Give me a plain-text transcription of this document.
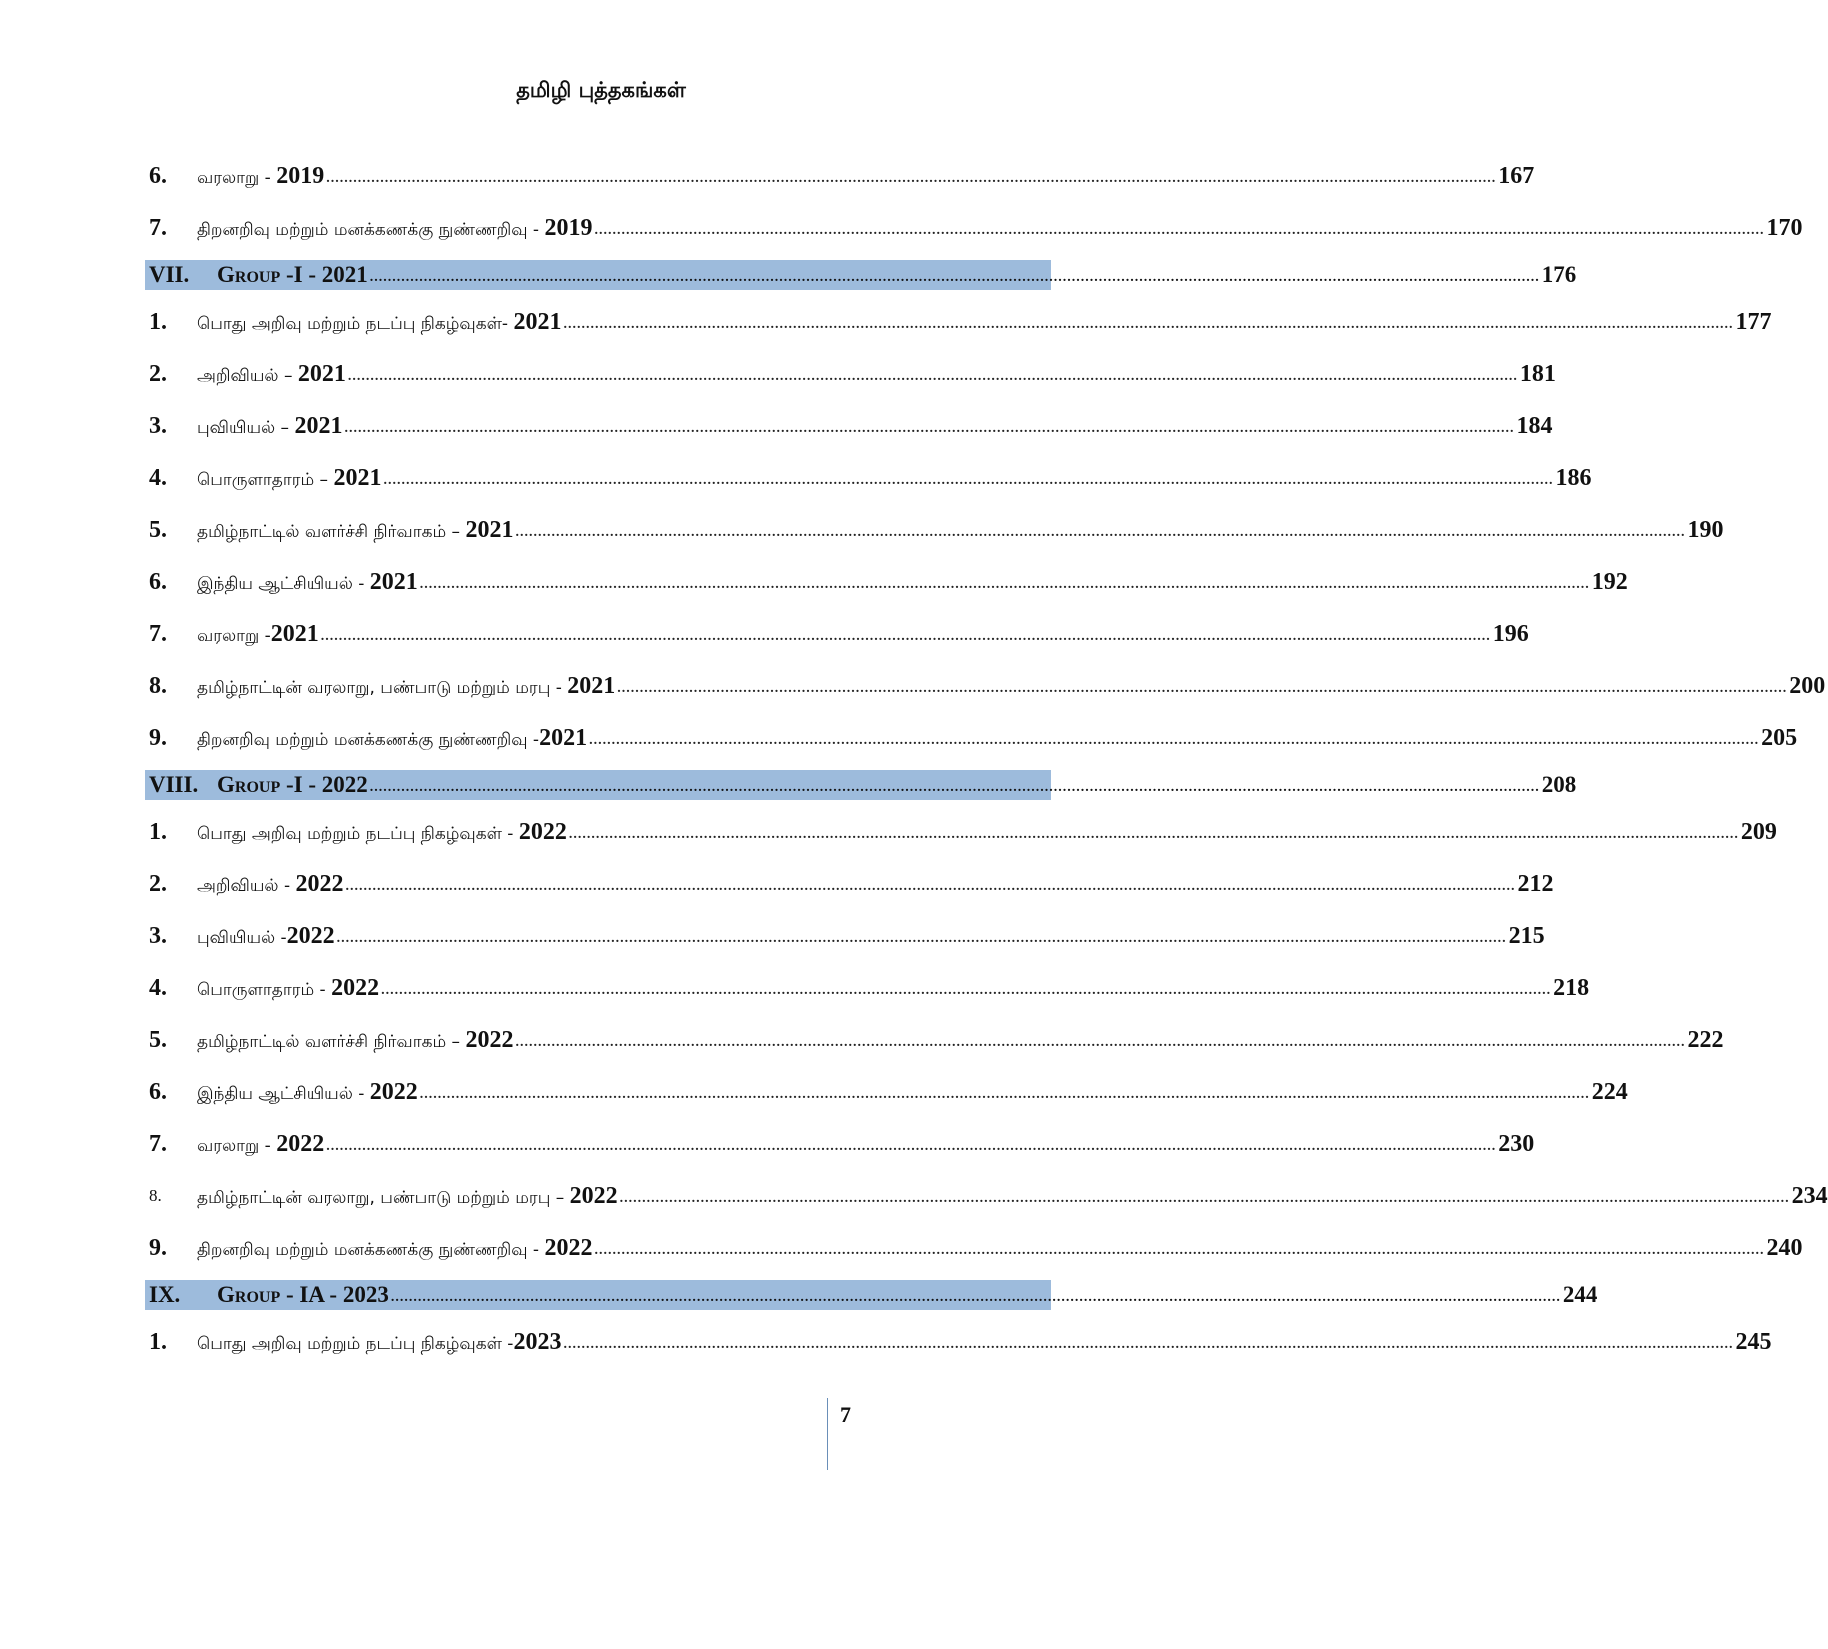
தமிழி புத்தகங்கள்
6.	வரலாறு - 2019 .................................................................................................................................................................................................................................................................... 167
7.	திறனறிவு மற்றும் மனக்கணக்கு நுண்ணறிவு - 2019 .................................................................................................................................................................................................................................................................... 170
VII.	Group -I - 2021 .................................................................................................................................................................................................................................................................... 176
1.	பொது அறிவு மற்றும் நடப்பு நிகழ்வுகள்- 2021 .................................................................................................................................................................................................................................................................... 177
2.	அறிவியல் – 2021 .................................................................................................................................................................................................................................................................... 181
3.	புவியியல் – 2021 .................................................................................................................................................................................................................................................................... 184
4.	பொருளாதாரம் – 2021 .................................................................................................................................................................................................................................................................... 186
5.	தமிழ்நாட்டில் வளர்ச்சி நிர்வாகம் – 2021 .................................................................................................................................................................................................................................................................... 190
6.	இந்திய ஆட்சியியல் - 2021 .................................................................................................................................................................................................................................................................... 192
7.	வரலாறு -2021 .................................................................................................................................................................................................................................................................... 196
8.	தமிழ்நாட்டின் வரலாறு, பண்பாடு மற்றும் மரபு - 2021 .................................................................................................................................................................................................................................................................... 200
9.	திறனறிவு மற்றும் மனக்கணக்கு நுண்ணறிவு -2021 .................................................................................................................................................................................................................................................................... 205
VIII. Group -I - 2022 .................................................................................................................................................................................................................................................................... 208
1.	பொது அறிவு மற்றும் நடப்பு நிகழ்வுகள் - 2022 .................................................................................................................................................................................................................................................................... 209
2.	அறிவியல் - 2022 .................................................................................................................................................................................................................................................................... 212
3.	புவியியல் -2022 .................................................................................................................................................................................................................................................................... 215
4.	பொருளாதாரம் - 2022 .................................................................................................................................................................................................................................................................... 218
5.	தமிழ்நாட்டில் வளர்ச்சி நிர்வாகம் – 2022 .................................................................................................................................................................................................................................................................... 222
6.	இந்திய ஆட்சியியல் - 2022 .................................................................................................................................................................................................................................................................... 224
7.	வரலாறு - 2022 .................................................................................................................................................................................................................................................................... 230
8.	தமிழ்நாட்டின் வரலாறு, பண்பாடு மற்றும் மரபு – 2022 .................................................................................................................................................................................................................................................................... 234
9.	திறனறிவு மற்றும் மனக்கணக்கு நுண்ணறிவு - 2022 .................................................................................................................................................................................................................................................................... 240
IX.	Group - IA - 2023 .................................................................................................................................................................................................................................................................... 244
1.	பொது அறிவு மற்றும் நடப்பு நிகழ்வுகள் -2023 .................................................................................................................................................................................................................................................................... 245
7
